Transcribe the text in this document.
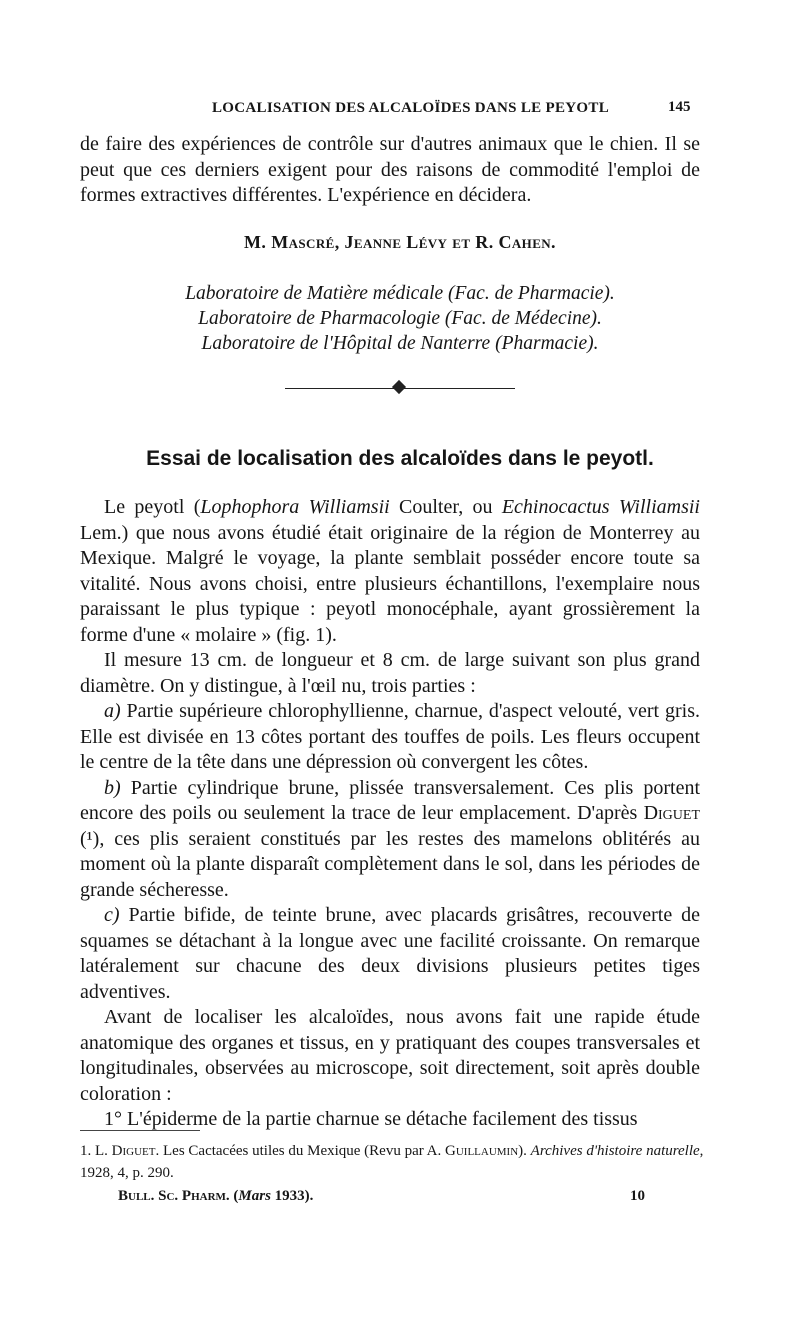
LOCALISATION DES ALCALOÏDES DANS LE PEYOTL	145

de faire des expériences de contrôle sur d'autres animaux que le chien. Il se peut que ces derniers exigent pour des raisons de commodité l'emploi de formes extractives différentes. L'expérience en décidera.

M. Mascré, Jeanne Lévy et R. Cahen.
Laboratoire de Matière médicale (Fac. de Pharmacie).
Laboratoire de Pharmacologie (Fac. de Médecine).
Laboratoire de l'Hôpital de Nanterre (Pharmacie).
Essai de localisation des alcaloïdes dans le peyotl.

Le peyotl (Lophophora Williamsii Coulter, ou Echinocactus Williamsii Lem.) que nous avons étudié était originaire de la région de Monterrey au Mexique. Malgré le voyage, la plante semblait posséder encore toute sa vitalité. Nous avons choisi, entre plusieurs échantillons, l'exemplaire nous paraissant le plus typique : peyotl monocéphale, ayant grossièrement la forme d'une « molaire » (fig. 1).

Il mesure 13 cm. de longueur et 8 cm. de large suivant son plus grand diamètre. On y distingue, à l'œil nu, trois parties :

a) Partie supérieure chlorophyllienne, charnue, d'aspect velouté, vert gris. Elle est divisée en 13 côtes portant des touffes de poils. Les fleurs occupent le centre de la tête dans une dépression où convergent les côtes.

b) Partie cylindrique brune, plissée transversalement. Ces plis portent encore des poils ou seulement la trace de leur emplacement. D'après Diguet (¹), ces plis seraient constitués par les restes des mamelons oblitérés au moment où la plante disparaît complètement dans le sol, dans les périodes de grande sécheresse.

c) Partie bifide, de teinte brune, avec placards grisâtres, recouverte de squames se détachant à la longue avec une facilité croissante. On remarque latéralement sur chacune des deux divisions plusieurs petites tiges adventives.

Avant de localiser les alcaloïdes, nous avons fait une rapide étude anatomique des organes et tissus, en y pratiquant des coupes transversales et longitudinales, observées au microscope, soit directement, soit après double coloration :

1° L'épiderme de la partie charnue se détache facilement des tissus

1. L. Diguet. Les Cactacées utiles du Mexique (Revu par A. Guillaumin). Archives d'histoire naturelle, 1928, 4, p. 290.
Bull. Sc. Pharm. (Mars 1933).	10
